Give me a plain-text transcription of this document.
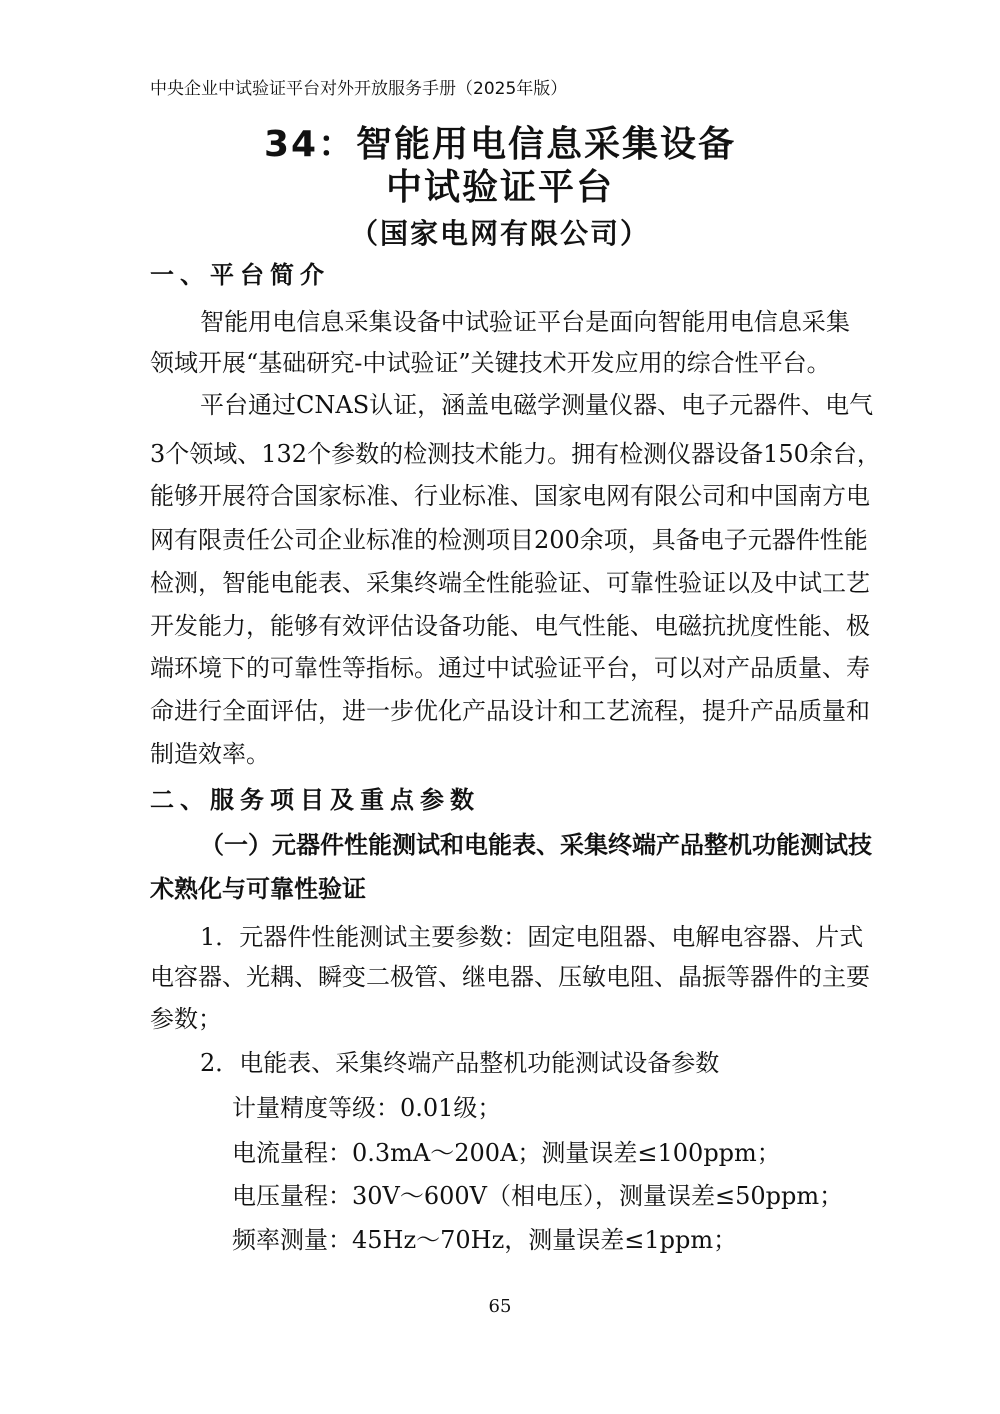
中央企业中试验证平台对外开放服务手册（2025年版）
34：智能用电信息采集设备
中试验证平台
（国家电网有限公司）
一、平台简介
智能用电信息采集设备中试验证平台是面向智能用电信息采集
领域开展“基础研究-中试验证”关键技术开发应用的综合性平台。
平台通过CNAS认证，涵盖电磁学测量仪器、电子元器件、电气
3个领域、132个参数的检测技术能力。拥有检测仪器设备150余台，
能够开展符合国家标准、行业标准、国家电网有限公司和中国南方电
网有限责任公司企业标准的检测项目200余项，具备电子元器件性能
检测，智能电能表、采集终端全性能验证、可靠性验证以及中试工艺
开发能力，能够有效评估设备功能、电气性能、电磁抗扰度性能、极
端环境下的可靠性等指标。通过中试验证平台，可以对产品质量、寿
命进行全面评估，进一步优化产品设计和工艺流程，提升产品质量和
制造效率。
（一）元器件性能测试和电能表、采集终端产品整机功能测试技
术熟化与可靠性验证
1．元器件性能测试主要参数：固定电阻器、电解电容器、片式
电容器、光耦、瞬变二极管、继电器、压敏电阻、晶振等器件的主要
参数；
2．电能表、采集终端产品整机功能测试设备参数
计量精度等级：0.01级；
电流量程：0.3mA～200A；测量误差≤100ppm；
电压量程：30V～600V（相电压），测量误差≤50ppm；
频率测量：45Hz～70Hz，测量误差≤1ppm；
二、服务项目及重点参数
65
